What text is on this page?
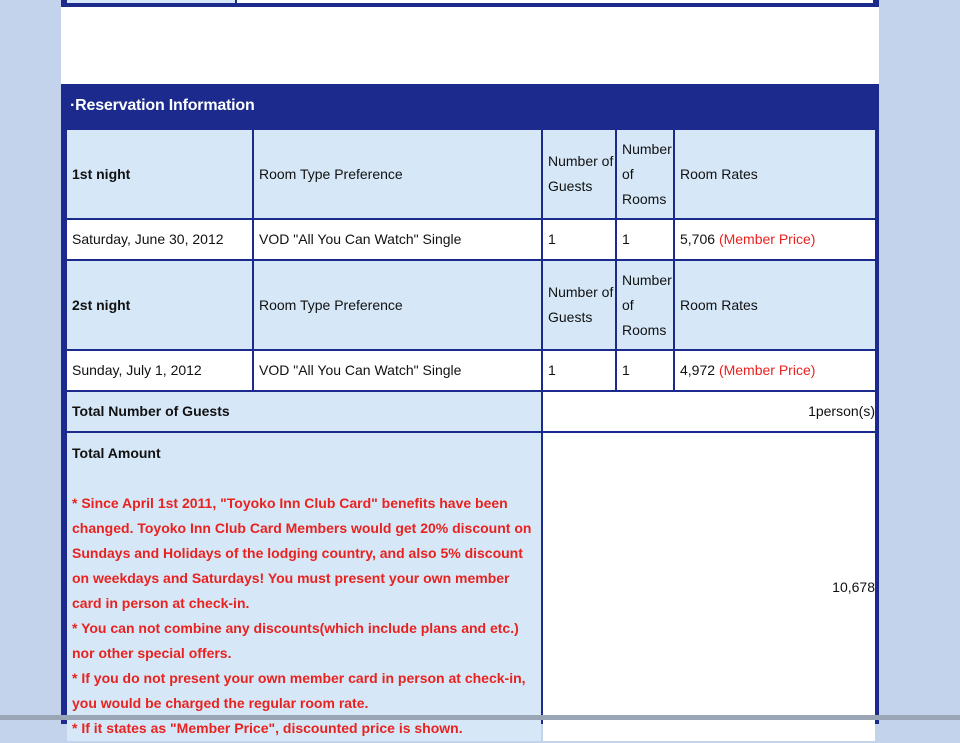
·Reservation Information
1st night	Room Type Preference	Number of Guests	Number of Rooms	Room Rates
Saturday, June 30, 2012	VOD "All You Can Watch" Single	1	1	5,706 (Member Price)
2st night	Room Type Preference	Number of Guests	Number of Rooms	Room Rates
Sunday, July 1, 2012	VOD "All You Can Watch" Single	1	1	4,972 (Member Price)
Total Number of Guests		1person(s)		

Total Amount

* Since April 1st 2011, "Toyoko Inn Club Card" benefits have been changed. Toyoko Inn Club Card Members would get 20% discount on Sundays and Holidays of the lodging country, and also 5% discount on weekdays and Saturdays! You must present your own member card in person at check-in.

* You can not combine any discounts(which include plans and etc.) nor other special offers.

* If you do not present your own member card in person at check-in, you would be charged the regular room rate.

* If it states as "Member Price", discounted price is shown.		10,678		
